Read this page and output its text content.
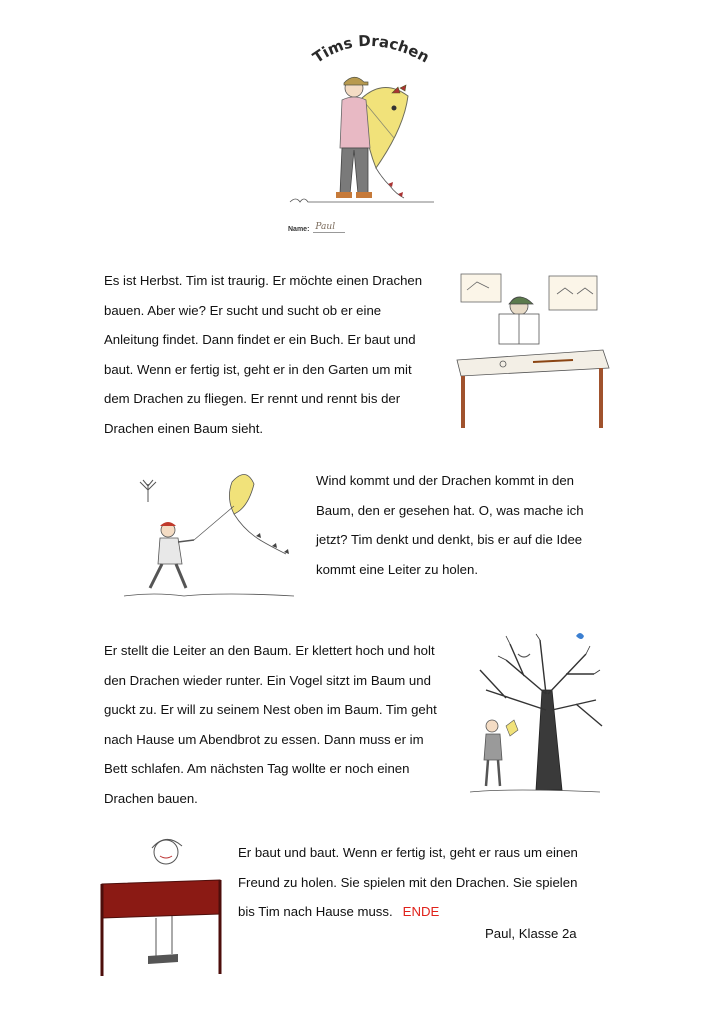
Tims Drachen
Name: Paul
Es ist Herbst. Tim ist traurig. Er möchte einen Drachen
bauen. Aber wie? Er sucht und sucht ob er eine
Anleitung findet. Dann findet er ein Buch. Er baut und
baut. Wenn er fertig ist, geht er in den Garten um mit
dem Drachen zu fliegen. Er rennt und rennt bis der
Drachen einen Baum sieht.
Wind kommt und der Drachen kommt in den
Baum, den er gesehen hat. O, was mache ich
jetzt? Tim denkt und denkt, bis er auf die Idee
kommt eine Leiter zu holen.
Er stellt die Leiter an den Baum. Er klettert hoch und holt
den Drachen wieder runter. Ein Vogel sitzt im Baum und
guckt zu. Er will zu seinem Nest oben im Baum. Tim geht
nach Hause um Abendbrot zu essen. Dann muss er im
Bett schlafen. Am nächsten Tag wollte er noch einen
Drachen bauen.
Er baut und baut. Wenn er fertig ist, geht er raus um einen
Freund zu holen. Sie spielen mit den Drachen. Sie spielen
bis Tim nach Hause muss. ENDE
Paul, Klasse 2a
